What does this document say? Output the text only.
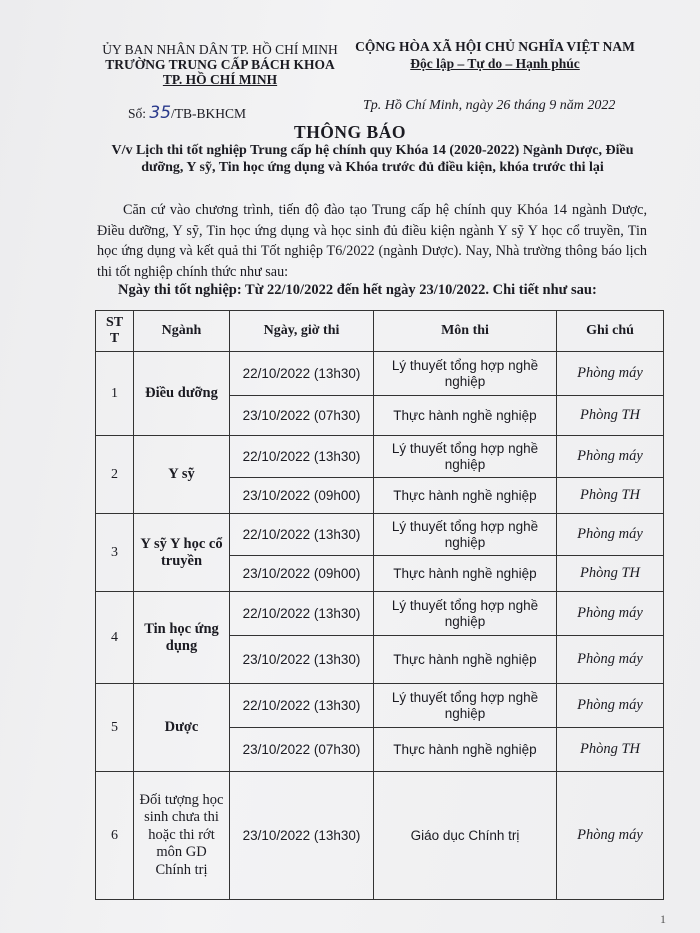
ỦY BAN NHÂN DÂN TP. HỒ CHÍ MINH
TRƯỜNG TRUNG CẤP BÁCH KHOA
TP. HỒ CHÍ MINH
CỘNG HÒA XÃ HỘI CHỦ NGHĨA VIỆT NAM
Độc lập – Tự do – Hạnh phúc
Số: 35/TB-BKHCM
Tp. Hồ Chí Minh, ngày 26 tháng 9 năm 2022
THÔNG BÁO
V/v Lịch thi tốt nghiệp Trung cấp hệ chính quy Khóa 14 (2020-2022) Ngành Dược, Điều dưỡng, Y sỹ, Tin học ứng dụng và Khóa trước đủ điều kiện, khóa trước thi lại
Căn cứ vào chương trình, tiến độ đào tạo Trung cấp hệ chính quy Khóa 14 ngành Dược, Điều dưỡng, Y sỹ, Tin học ứng dụng và học sinh đủ điều kiện ngành Y sỹ Y học cổ truyền, Tin học ứng dụng và kết quả thi Tốt nghiệp T6/2022 (ngành Dược). Nay, Nhà trường thông báo lịch thi tốt nghiệp chính thức như sau:
Ngày thi tốt nghiệp: Từ 22/10/2022 đến hết ngày 23/10/2022. Chi tiết như sau:
ST T	Ngành	Ngày, giờ thi	Môn thi	Ghi chú
1	Điều dưỡng	22/10/2022 (13h30)	Lý thuyết tổng hợp nghề nghiệp	Phòng máy
		23/10/2022 (07h30)	Thực hành nghề nghiệp	Phòng TH
2	Y sỹ	22/10/2022 (13h30)	Lý thuyết tổng hợp nghề nghiệp	Phòng máy
		23/10/2022 (09h00)	Thực hành nghề nghiệp	Phòng TH
3	Y sỹ Y học cổ truyền	22/10/2022 (13h30)	Lý thuyết tổng hợp nghề nghiệp	Phòng máy
		23/10/2022 (09h00)	Thực hành nghề nghiệp	Phòng TH
4	Tin học ứng dụng	22/10/2022 (13h30)	Lý thuyết tổng hợp nghề nghiệp	Phòng máy
		23/10/2022 (13h30)	Thực hành nghề nghiệp	Phòng máy
5	Dược	22/10/2022 (13h30)	Lý thuyết tổng hợp nghề nghiệp	Phòng máy
		23/10/2022 (07h30)	Thực hành nghề nghiệp	Phòng TH
6	Đối tượng học sinh chưa thi hoặc thi rớt môn GD Chính trị	23/10/2022 (13h30)	Giáo dục Chính trị	Phòng máy
1
